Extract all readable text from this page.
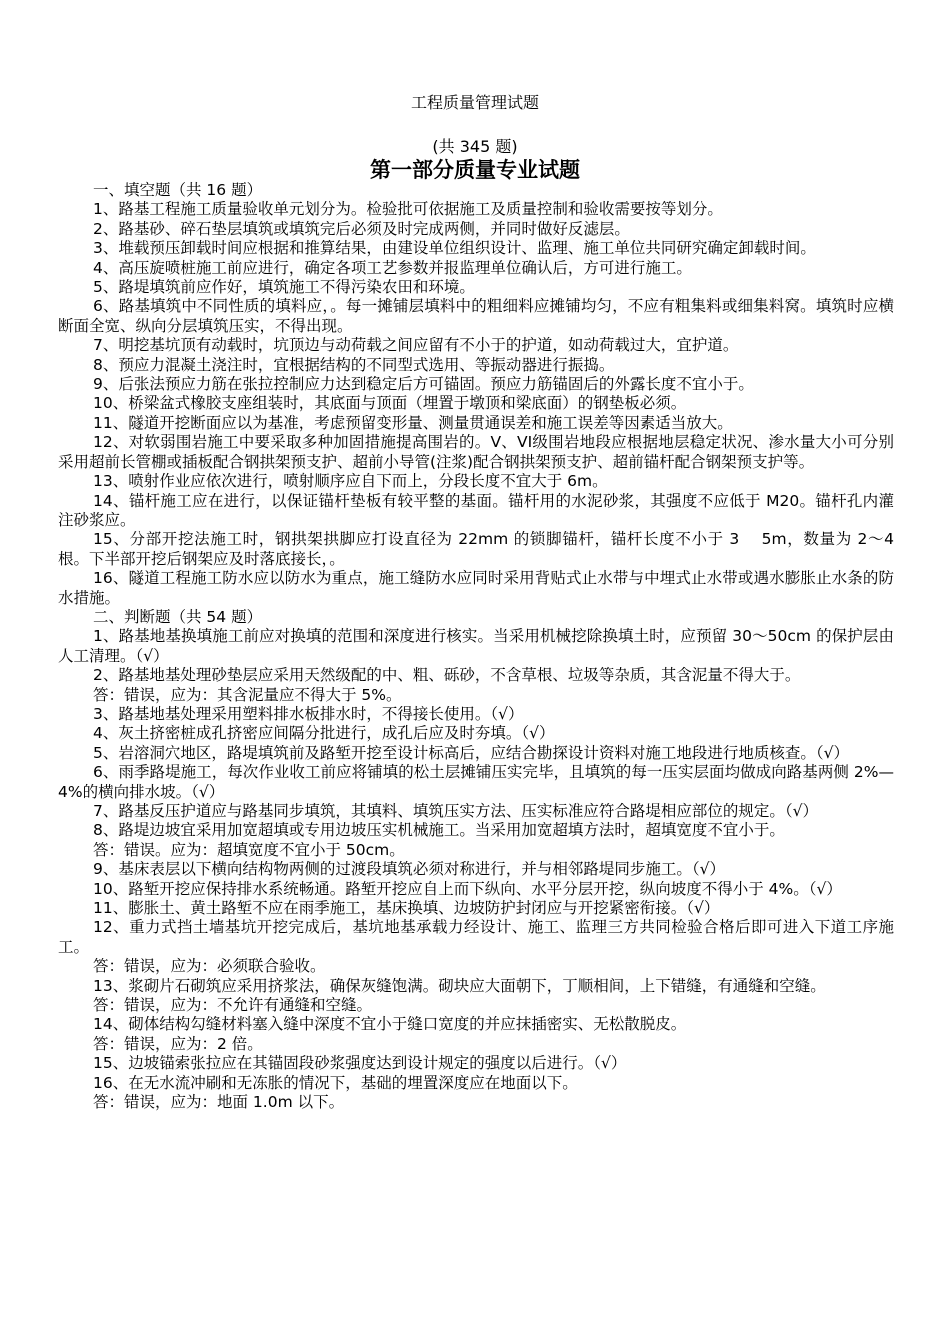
工程质量管理试题
(共 345 题)
第一部分质量专业试题

一、填空题（共 16 题）

1、路基工程施工质量验收单元划分为。检验批可依据施工及质量控制和验收需要按等划分。

2、路基砂、碎石垫层填筑或填筑完后必须及时完成两侧，并同时做好反滤层。

3、堆载预压卸载时间应根据和推算结果，由建设单位组织设计、监理、施工单位共同研究确定卸载时间。

4、高压旋喷桩施工前应进行，确定各项工艺参数并报监理单位确认后，方可进行施工。

5、路堤填筑前应作好，填筑施工不得污染农田和环境。

6、路基填筑中不同性质的填料应，。每一摊铺层填料中的粗细料应摊铺均匀，不应有粗集料或细集料窝。填筑时应横断面全宽、纵向分层填筑压实，不得出现。

7、明挖基坑顶有动载时，坑顶边与动荷载之间应留有不小于的护道，如动荷载过大，宜护道。

8、预应力混凝土浇注时，宜根据结构的不同型式选用、等振动器进行振捣。

9、后张法预应力筋在张拉控制应力达到稳定后方可锚固。预应力筋锚固后的外露长度不宜小于。

10、桥梁盆式橡胶支座组装时，其底面与顶面（埋置于墩顶和梁底面）的钢垫板必须。

11、隧道开挖断面应以为基准，考虑预留变形量、测量贯通误差和施工误差等因素适当放大。

12、对软弱围岩施工中要采取多种加固措施提高围岩的。V、VI级围岩地段应根据地层稳定状况、渗水量大小可分别采用超前长管棚或插板配合钢拱架预支护、超前小导管(注浆)配合钢拱架预支护、超前锚杆配合钢架预支护等。

13、喷射作业应依次进行，喷射顺序应自下而上，分段长度不宜大于 6m。

14、锚杆施工应在进行，以保证锚杆垫板有较平整的基面。锚杆用的水泥砂浆，其强度不应低于 M20。锚杆孔内灌注砂浆应。

15、分部开挖法施工时，钢拱架拱脚应打设直径为 22mm 的锁脚锚杆，锚杆长度不小于 3　 5m，数量为 2～4 根。下半部开挖后钢架应及时落底接长，。

16、隧道工程施工防水应以防水为重点，施工缝防水应同时采用背贴式止水带与中埋式止水带或遇水膨胀止水条的防水措施。

二、判断题（共 54 题）

1、路基地基换填施工前应对换填的范围和深度进行核实。当采用机械挖除换填土时，应预留 30～50cm 的保护层由人工清理。（√）

2、路基地基处理砂垫层应采用天然级配的中、粗、砾砂，不含草根、垃圾等杂质，其含泥量不得大于。

答：错误，应为：其含泥量应不得大于 5%。

3、路基地基处理采用塑料排水板排水时，不得接长使用。（√）

4、灰土挤密桩成孔挤密应间隔分批进行，成孔后应及时夯填。（√）

5、岩溶洞穴地区，路堤填筑前及路堑开挖至设计标高后，应结合勘探设计资料对施工地段进行地质核查。（√）

6、雨季路堤施工，每次作业收工前应将铺填的松土层摊铺压实完毕，且填筑的每一压实层面均做成向路基两侧 2%—4%的横向排水坡。（√）

7、路基反压护道应与路基同步填筑，其填料、填筑压实方法、压实标准应符合路堤相应部位的规定。（√）

8、路堤边坡宜采用加宽超填或专用边坡压实机械施工。当采用加宽超填方法时，超填宽度不宜小于。

答：错误。应为：超填宽度不宜小于 50cm。

9、基床表层以下横向结构物两侧的过渡段填筑必须对称进行，并与相邻路堤同步施工。（√）

10、路堑开挖应保持排水系统畅通。路堑开挖应自上而下纵向、水平分层开挖，纵向坡度不得小于 4%。（√）

11、膨胀土、黄土路堑不应在雨季施工，基床换填、边坡防护封闭应与开挖紧密衔接。（√）

12、重力式挡土墙基坑开挖完成后，基坑地基承载力经设计、施工、监理三方共同检验合格后即可进入下道工序施工。

答：错误，应为：必须联合验收。

13、浆砌片石砌筑应采用挤浆法，确保灰缝饱满。砌块应大面朝下，丁顺相间，上下错缝，有通缝和空缝。

答：错误，应为：不允许有通缝和空缝。

14、砌体结构勾缝材料塞入缝中深度不宜小于缝口宽度的并应抹插密实、无松散脱皮。

答：错误，应为：2 倍。

15、边坡锚索张拉应在其锚固段砂浆强度达到设计规定的强度以后进行。（√）

16、在无水流冲刷和无冻胀的情况下，基础的埋置深度应在地面以下。

答：错误，应为：地面 1.0m 以下。
